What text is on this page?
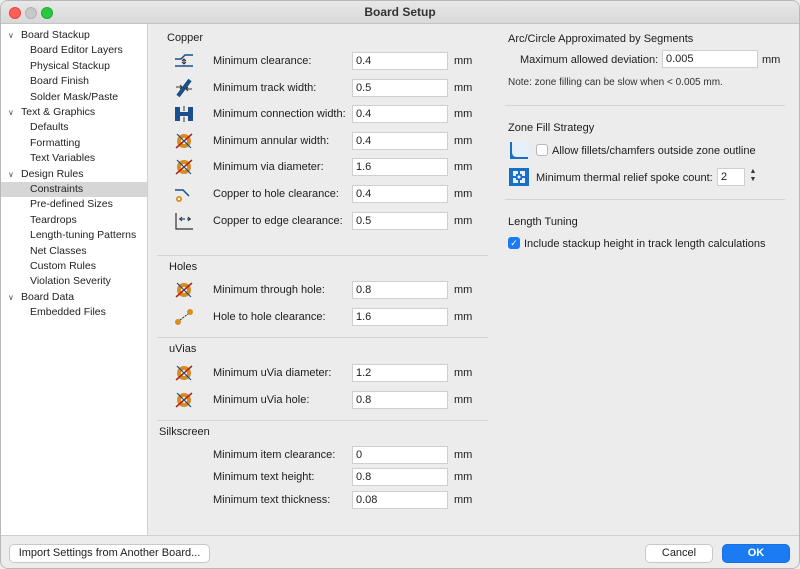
Board Setup
∨ Board Stackup
Board Editor Layers
Physical Stackup
Board Finish
Solder Mask/Paste
∨ Text & Graphics
Defaults
Formatting
Text Variables
∨ Design Rules
Constraints
Pre-defined Sizes
Teardrops
Length-tuning Patterns
Net Classes
Custom Rules
Violation Severity
∨ Board Data
Embedded Files
Copper
Minimum clearance:
0.4	mm
Minimum track width:
0.5	mm
Minimum connection width:
0.4	mm
Minimum annular width:
0.4	mm
Minimum via diameter:
1.6	mm
Copper to hole clearance:
0.4	mm
Copper to edge clearance:
0.5	mm
Holes
Minimum through hole:
0.8	mm
Hole to hole clearance:
1.6	mm
uVias
Minimum uVia diameter:
1.2	mm
Minimum uVia hole:
0.8	mm
Silkscreen
Minimum item clearance:
0	mm
Minimum text height:
0.8	mm
Minimum text thickness:
0.08	mm
Arc/Circle Approximated by Segments
Maximum allowed deviation:
0.005	mm
Note: zone filling can be slow when < 0.005 mm.
Zone Fill Strategy
Allow fillets/chamfers outside zone outline
Minimum thermal relief spoke count:
2
▲
▼
Length Tuning
✓ Include stackup height in track length calculations
Import Settings from Another Board...	Cancel	OK
